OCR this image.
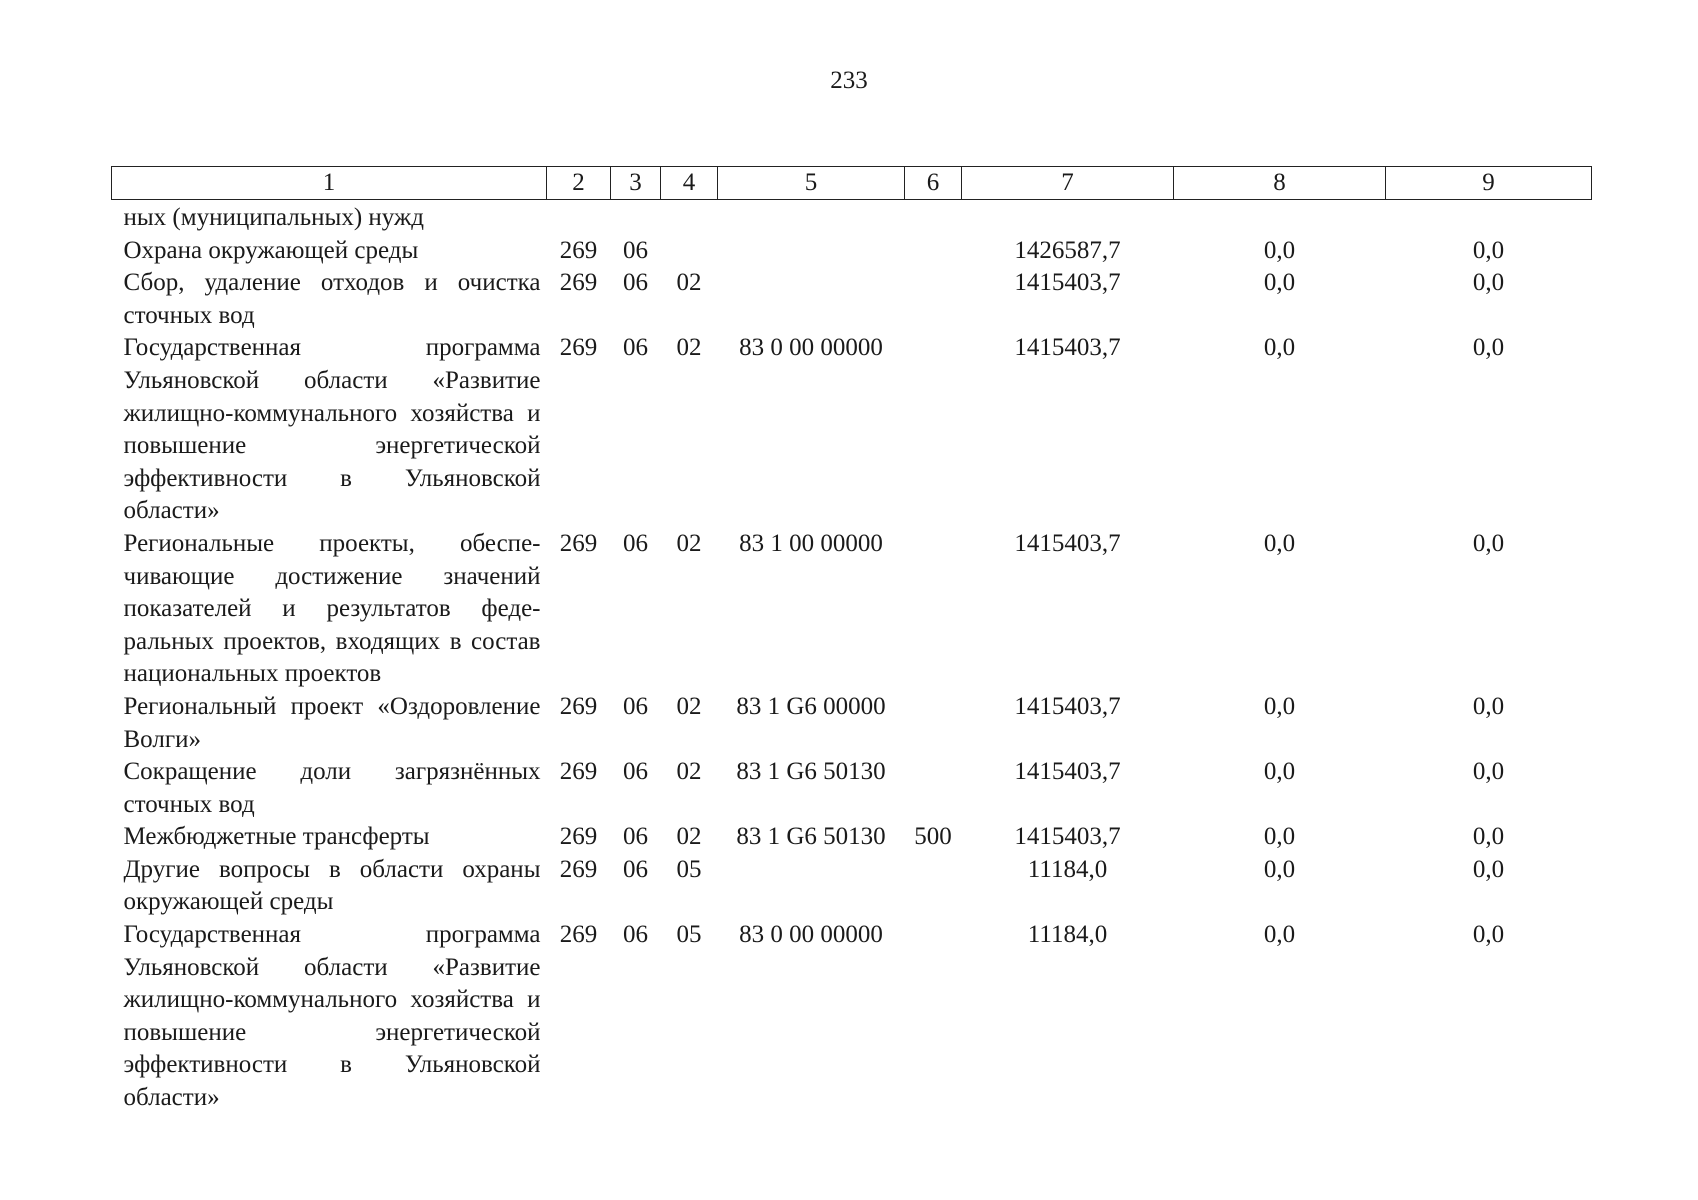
233
1	2	3	4	5	6	7	8	9
ных (муниципальных) нужд								
Охрана окружающей среды	269	06				1426587,7	0,0	0,0
Сбор, удаление отходов и очистка сточных вод	269	06	02			1415403,7	0,0	0,0
Государственная программа Ульяновской области «Развитие жилищно-коммунального хозяйства и повышение энергетической эффективности в Ульяновской области»	269	06	02	83 0 00 00000		1415403,7	0,0	0,0
Региональные проекты, обеспечивающие достижение значений показателей и результатов федеральных проектов, входящих в состав национальных проектов	269	06	02	83 1 00 00000		1415403,7	0,0	0,0
Региональный проект «Оздоровление Волги»	269	06	02	83 1 G6 00000		1415403,7	0,0	0,0
Сокращение доли загрязнённых сточных вод	269	06	02	83 1 G6 50130		1415403,7	0,0	0,0
Межбюджетные трансферты	269	06	02	83 1 G6 50130	500	1415403,7	0,0	0,0
Другие вопросы в области охраны окружающей среды	269	06	05			11184,0	0,0	0,0
Государственная программа Ульяновской области «Развитие жилищно-коммунального хозяйства и повышение энергетической эффективности в Ульяновской области»	269	06	05	83 0 00 00000		11184,0	0,0	0,0
